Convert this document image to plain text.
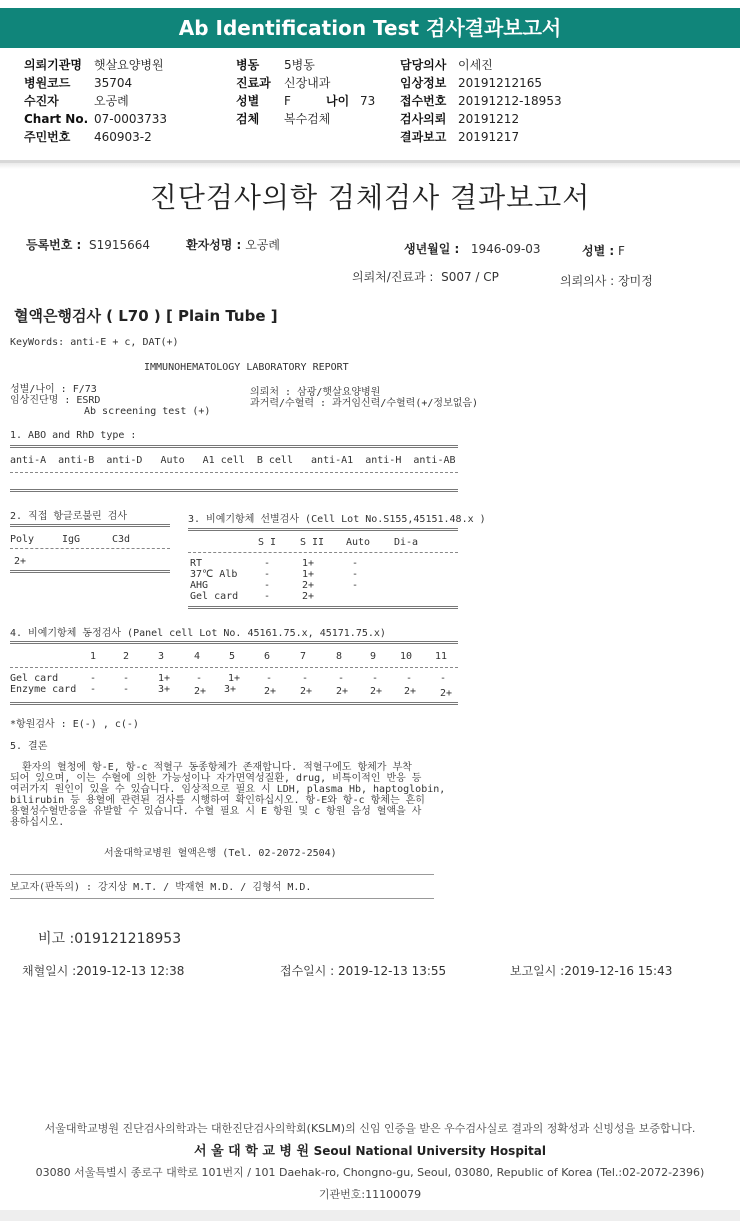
Ab Identification Test 검사결과보고서
의뢰기관명 햇살요양병원
병원코드 35704
수진자	오공례
Chart No. 07-0003733
주민번호 460903-2
병동 5병동
진료과 신장내과
성별 F	나이 73
검체 복수검체
담당의사 이세진
임상정보 20191212165
접수번호 20191212-18953
검사의뢰 20191212
결과보고 20191217
진단검사의학 검체검사 결과보고서
등록번호 : S1915664	환자성명 : 오공례	생년월일 : 1946-09-03	성별 : F
의뢰처/진료과 : S007 / CP	의뢰의사 : 장미정
혈액은행검사 ( L70 ) [ Plain Tube ]
KeyWords: anti-E + c, DAT(+)
IMMUNOHEMATOLOGY LABORATORY REPORT
성별/나이 : F/73
임상진단명 : ESRD
Ab screening test (+)
의뢰처 : 삼광/햇살요양병원
과거력/수혈력 : 과거임신력/수혈력(+/정보없음)
1. ABO and RhD type :
anti-A  anti-B  anti-D   Auto   A1 cell  B cell   anti-A1  anti-H  anti-AB
2. 직접 항글로불린 검사
Poly	IgG	C3d
2+
3. 비예기항체 선별검사 (Cell Lot No.S155,45151.48.x )
S I S II Auto Di-a
RT	-	1+	-
37℃ Alb	-	1+	-
AHG	-	2+	-
Gel card	-	2+
4. 비예기항체 동정검사 (Panel cell Lot No. 45161.75.x, 45171.75.x)
1	2	3	4	5	6	7	8	9 10 11
Gel card	-	-	1+	-	1+	-	-	-	-	-	-
Enzyme card -	-	3+ 2+ 3+	2+ 2+ 2+ 2+ 2+ 2+
*항원검사 : E(-) , c(-)
5. 결론
환자의 혈청에 항-E, 항-c 적혈구 동종항체가 존재합니다. 적혈구에도 항체가 부착
되어 있으며, 이는 수혈에 의한 가능성이나 자가면역성질환, drug, 비특이적인 반응 등
여러가지 원인이 있을 수 있습니다. 임상적으로 필요 시 LDH, plasma Hb, haptoglobin,
bilirubin 등 용혈에 관련된 검사를 시행하여 확인하십시오. 항-E와 항-c 항체는 흔히
용혈성수혈반응을 유발할 수 있습니다. 수혈 필요 시 E 항원 및 c 항원 음성 혈액을 사
용하십시오.
서울대학교병원 혈액은행 (Tel. 02-2072-2504)
보고자(판독의) : 강지상 M.T. / 박재현 M.D. / 김형석 M.D.
비고 :019121218953
채혈일시 :2019-12-13 12:38	접수일시 : 2019-12-13 13:55	보고일시 :2019-12-16 15:43
서울대학교병원 진단검사의학과는 대한진단검사의학회(KSLM)의 신임 인증을 받은 우수검사실로 결과의 정확성과 신빙성을 보증합니다.
서 울 대 학 교 병 원 Seoul National University Hospital
03080 서울특별시 종로구 대학로 101번지 / 101 Daehak-ro, Chongno-gu, Seoul, 03080, Republic of Korea (Tel.:02-2072-2396)
기관번호:11100079
